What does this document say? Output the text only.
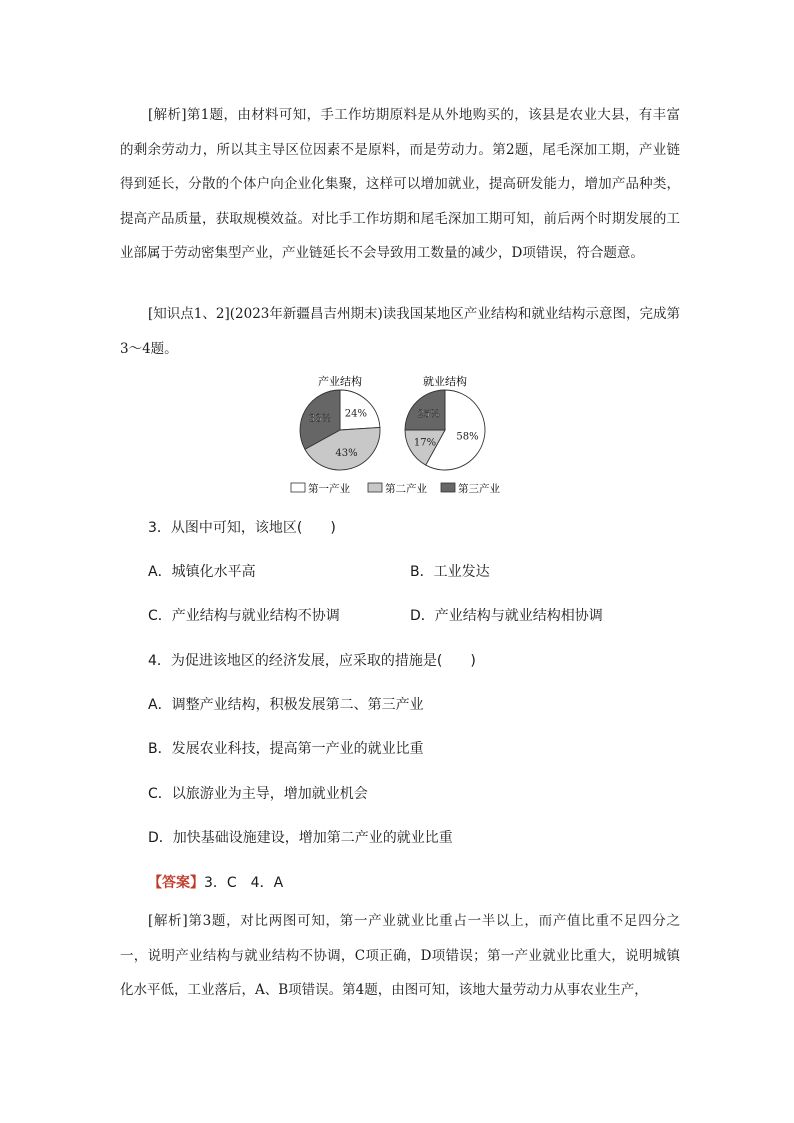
[解析]第1题，由材料可知，手工作坊期原料是从外地购买的，该县是农业大县，有丰富的剩余劳动力，所以其主导区位因素不是原料，而是劳动力。第2题，尾毛深加工期，产业链得到延长，分散的个体户向企业化集聚，这样可以增加就业，提高研发能力，增加产品种类，提高产品质量，获取规模效益。对比手工作坊期和尾毛深加工期可知，前后两个时期发展的工业部属于劳动密集型产业，产业链延长不会导致用工数量的减少，D项错误，符合题意。

[知识点1、2](2023年新疆昌吉州期末)读我国某地区产业结构和就业结构示意图，完成第3～4题。

产业结构	就业结构
24%
43%
33%
58%
17%
25%
第一产业	第二产业	第三产业
3．从图中可知，该地区(　　)
A．城镇化水平高	B．工业发达
C．产业结构与就业结构不协调	D．产业结构与就业结构相协调
4．为促进该地区的经济发展，应采取的措施是(　　)
A．调整产业结构，积极发展第二、第三产业
B．发展农业科技，提高第一产业的就业比重
C．以旅游业为主导，增加就业机会
D．加快基础设施建设，增加第二产业的就业比重
【答案】3．C　4．A

[解析]第3题，对比两图可知，第一产业就业比重占一半以上，而产值比重不足四分之一，说明产业结构与就业结构不协调，C项正确，D项错误；第一产业就业比重大，说明城镇化水平低，工业落后，A、B项错误。第4题，由图可知，该地大量劳动力从事农业生产，
